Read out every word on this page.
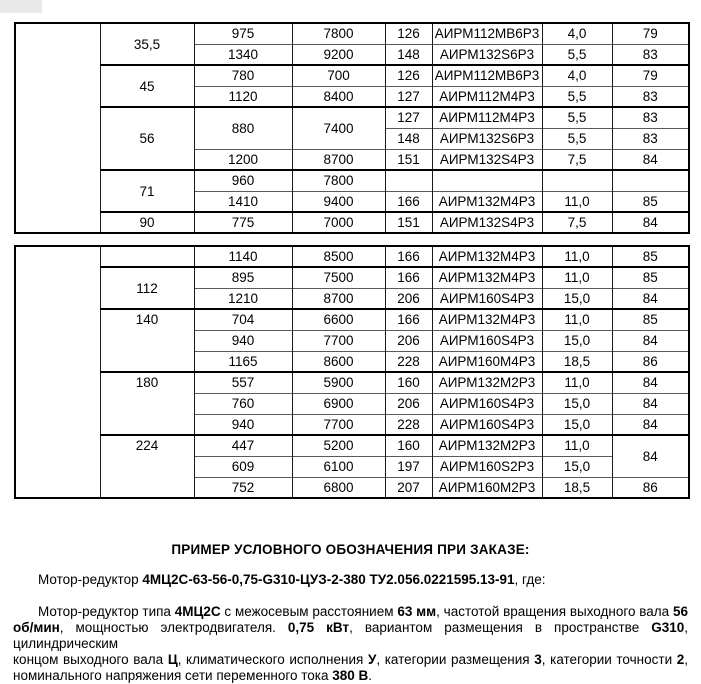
	35,5	975	7800	126	АИРМ112МВ6Р3	4,0	79
		1340	9200	148	АИРМ132S6Р3	5,5	83
	45	780	700	126	АИРМ112МВ6Р3	4,0	79
		1120	8400	127	АИРМ112М4Р3	5,5	83
	56	880	7400	127	АИРМ112М4Р3	5,5	83
				148	АИРМ132S6Р3	5,5	83
		1200	8700	151	АИРМ132S4Р3	7,5	84
	71	960	7800				
		1410	9400	166	АИРМ132М4Р3	11,0	85
	90	775	7000	151	АИРМ132S4Р3	7,5	84
		1140	8500	166	АИРМ132М4Р3	11,0	85
	112	895	7500	166	АИРМ132М4Р3	11,0	85
		1210	8700	206	АИРМ160S4Р3	15,0	84
	140	704	6600	166	АИРМ132М4Р3	11,0	85
		940	7700	206	АИРМ160S4Р3	15,0	84
		1165	8600	228	АИРМ160М4Р3	18,5	86
	180	557	5900	160	АИРМ132М2Р3	11,0	84
		760	6900	206	АИРМ160S4Р3	15,0	84
		940	7700	228	АИРМ160S4Р3	15,0	84
	224	447	5200	160	АИРМ132М2Р3	11,0	84
		609	6100	197	АИРМ160S2Р3	15,0	
		752	6800	207	АИРМ160М2Р3	18,5	86
ПРИМЕР УСЛОВНОГО ОБОЗНАЧЕНИЯ ПРИ ЗАКАЗЕ:
Мотор-редуктор 4МЦ2С-63-56-0,75-G310-ЦУЗ-2-380 ТУ2.056.0221595.13-91, где:
Мотор-редуктор типа 4МЦ2С с межосевым расстоянием 63 мм, частотой вращения выходного вала 56
об/мин, мощностью электродвигателя. 0,75 кВт, вариантом размещения в пространстве G310, цилиндрическим
концом выходного вала Ц, климатического исполнения У, категории размещения 3, категории точности 2,
номинального напряжения сети переменного тока 380 В.
